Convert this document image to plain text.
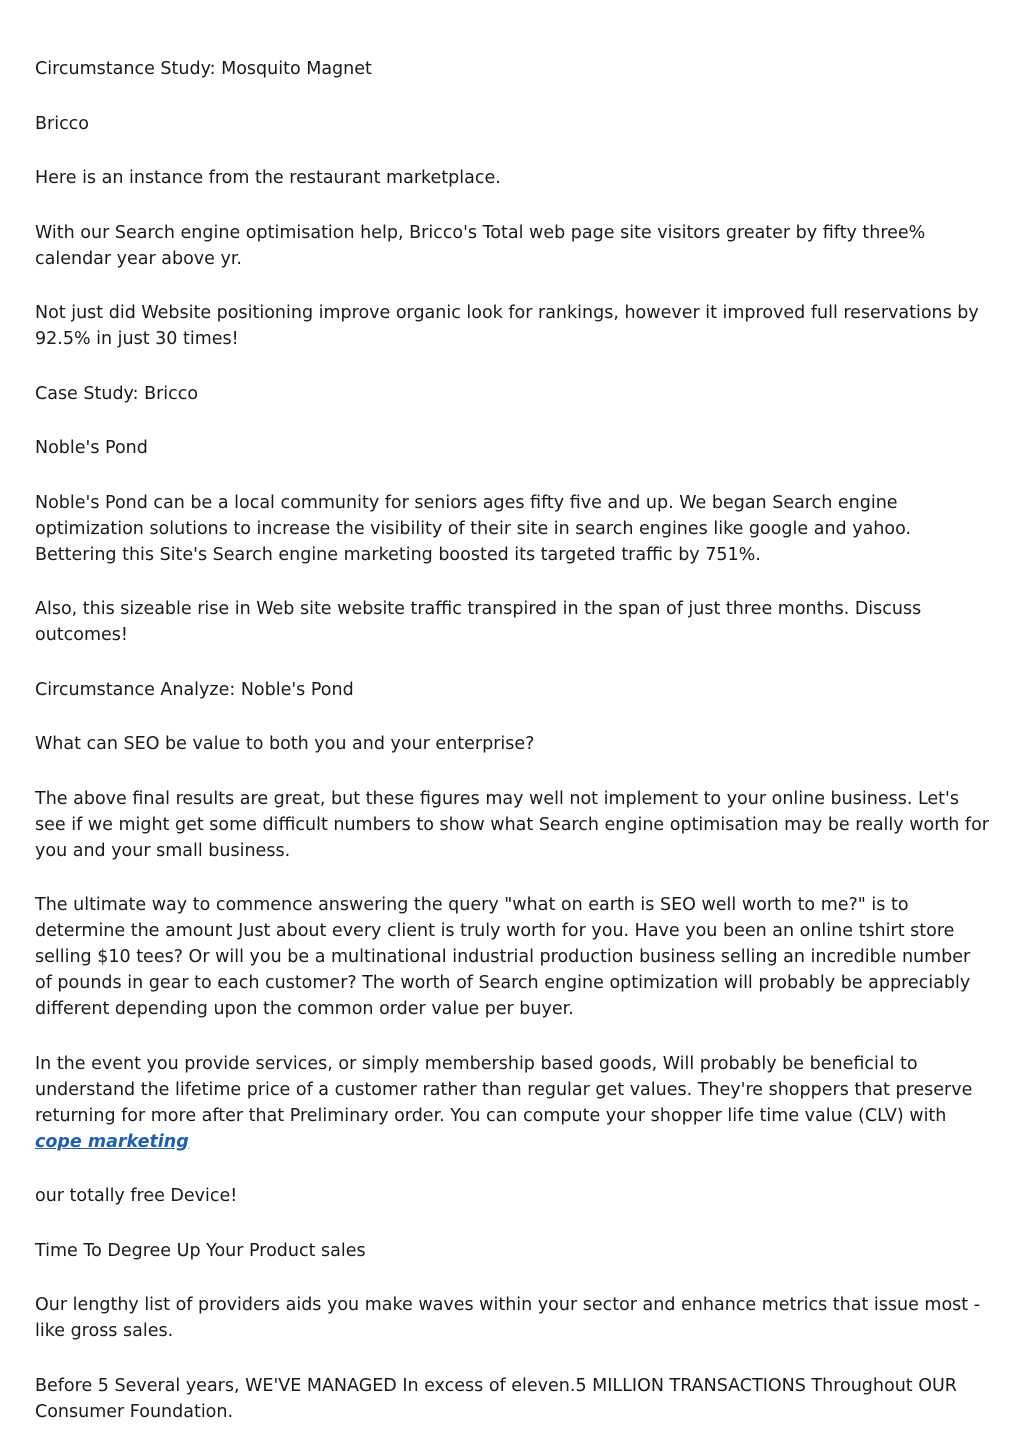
Circumstance Study: Mosquito Magnet

Bricco

Here is an instance from the restaurant marketplace.

With our Search engine optimisation help, Bricco's Total web page site visitors greater by fifty three% calendar year above yr.

Not just did Website positioning improve organic look for rankings, however it improved full reservations by 92.5% in just 30 times!

Case Study: Bricco

Noble's Pond

Noble's Pond can be a local community for seniors ages fifty five and up. We began Search engine optimization solutions to increase the visibility of their site in search engines like google and yahoo. Bettering this Site's Search engine marketing boosted its targeted traffic by 751%.

Also, this sizeable rise in Web site website traffic transpired in the span of just three months. Discuss outcomes!

Circumstance Analyze: Noble's Pond

What can SEO be value to both you and your enterprise?

The above final results are great, but these figures may well not implement to your online business. Let's see if we might get some difficult numbers to show what Search engine optimisation may be really worth for you and your small business.

The ultimate way to commence answering the query "what on earth is SEO well worth to me?" is to determine the amount Just about every client is truly worth for you. Have you been an online tshirt store selling $10 tees? Or will you be a multinational industrial production business selling an incredible number of pounds in gear to each customer? The worth of Search engine optimization will probably be appreciably different depending upon the common order value per buyer.

In the event you provide services, or simply membership based goods, Will probably be beneficial to understand the lifetime price of a customer rather than regular get values. They're shoppers that preserve returning for more after that Preliminary order. You can compute your shopper life time value (CLV) with cope marketing

our totally free Device!

Time To Degree Up Your Product sales

Our lengthy list of providers aids you make waves within your sector and enhance metrics that issue most - like gross sales.

Before 5 Several years, WE'VE MANAGED In excess of eleven.5 MILLION TRANSACTIONS Throughout OUR Consumer Foundation.
